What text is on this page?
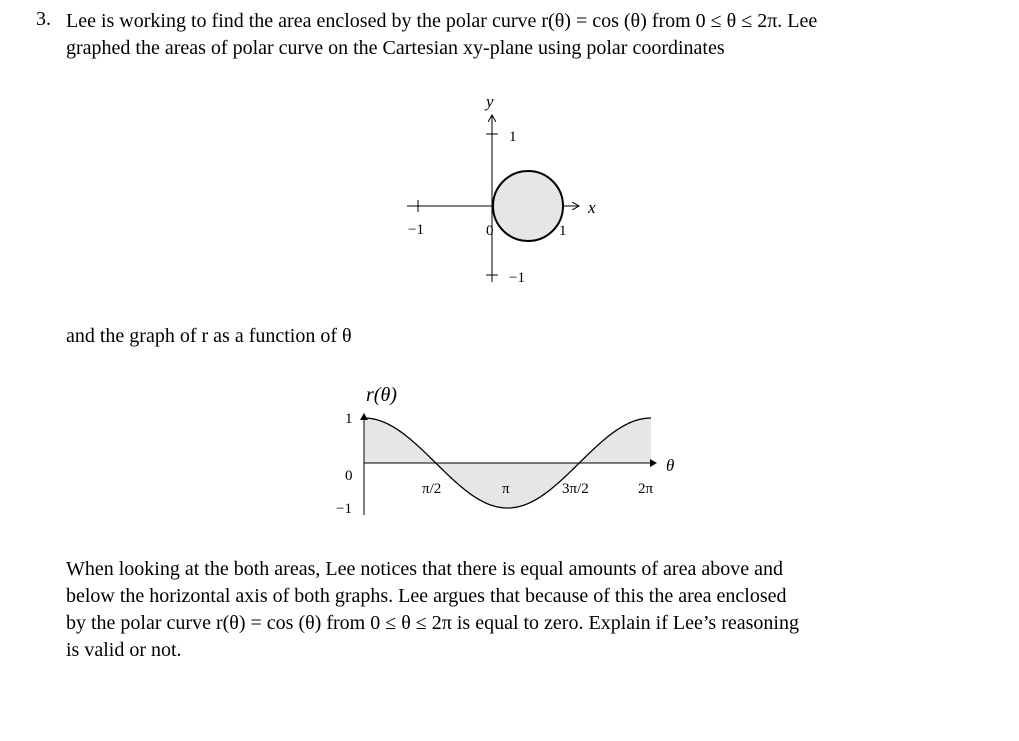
3. Lee is working to find the area enclosed by the polar curve r(θ) = cos (θ) from 0 ≤ θ ≤ 2π. Lee

graphed the areas of polar curve on the Cartesian xy-plane using polar coordinates

y
x
−1
1
−1
0	1

and the graph of r as a function of θ

r(θ)
θ
1
0
−1
π/2	π	3π/2	2π
When looking at the both areas, Lee notices that there is equal amounts of area above and
below the horizontal axis of both graphs. Lee argues that because of this the area enclosed
by the polar curve r(θ) = cos (θ) from 0 ≤ θ ≤ 2π is equal to zero. Explain if Lee’s reasoning
is valid or not.
